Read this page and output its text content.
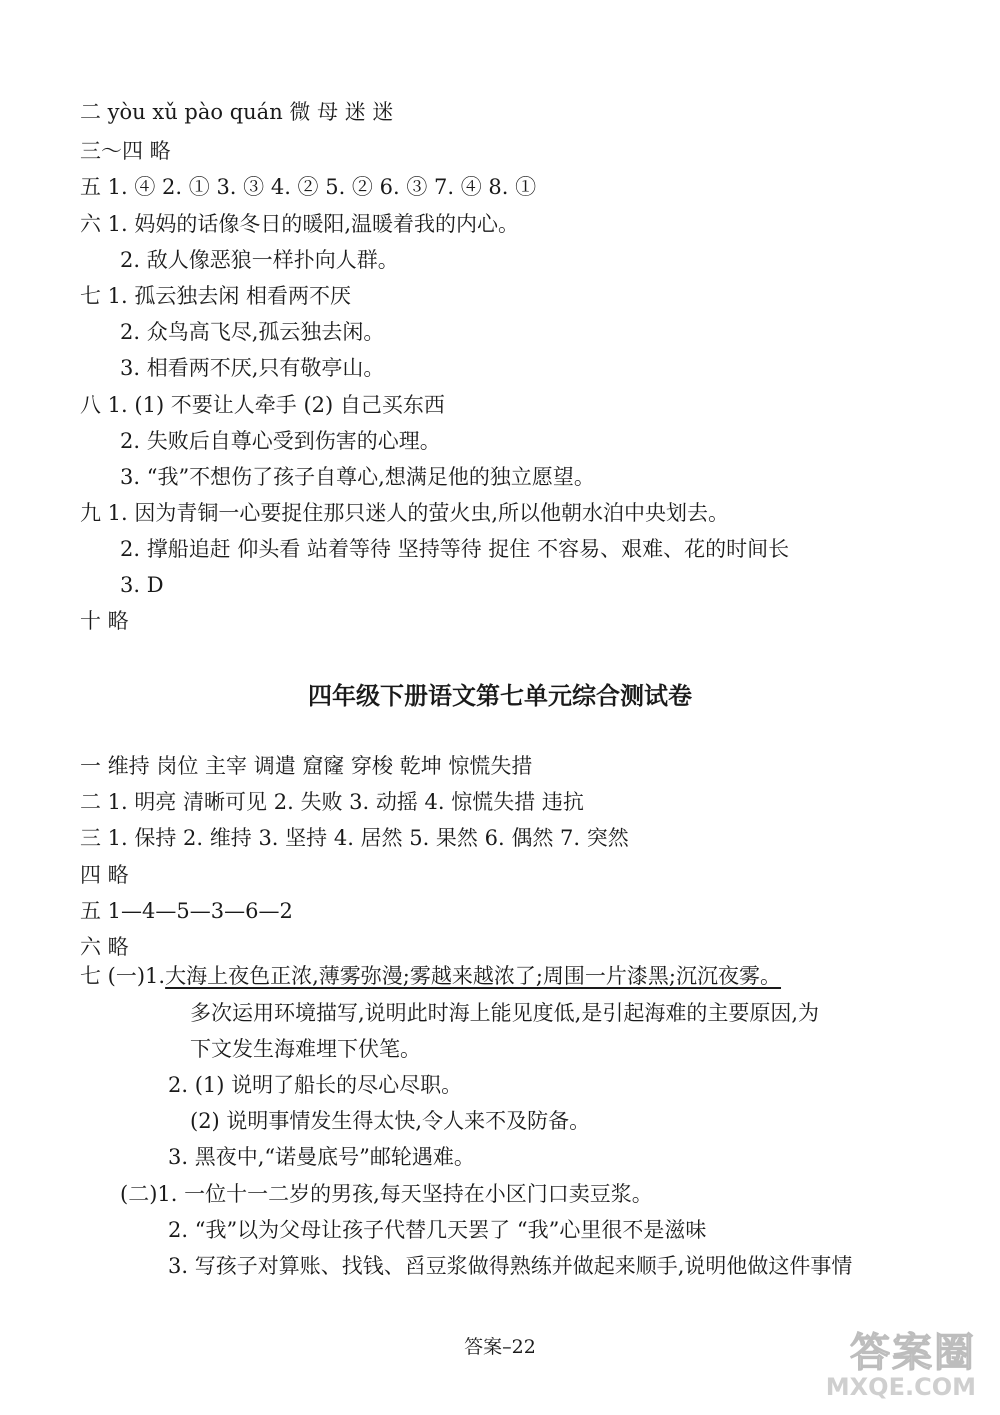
二 yòu xǔ pào quán 微 母 迷 迷
三～四 略
五 1. ④ 2. ① 3. ③ 4. ② 5. ② 6. ③ 7. ④ 8. ①
六 1. 妈妈的话像冬日的暖阳,温暖着我的内心。
2. 敌人像恶狼一样扑向人群。
七 1. 孤云独去闲 相看两不厌
2. 众鸟高飞尽,孤云独去闲。
3. 相看两不厌,只有敬亭山。
八 1. (1) 不要让人牵手 (2) 自己买东西
2. 失败后自尊心受到伤害的心理。
3. “我”不想伤了孩子自尊心,想满足他的独立愿望。
九 1. 因为青铜一心要捉住那只迷人的萤火虫,所以他朝水泊中央划去。
2. 撑船追赶 仰头看 站着等待 坚持等待 捉住 不容易、艰难、花的时间长
3. D
十 略
四年级下册语文第七单元综合测试卷
一 维持 岗位 主宰 调遣 窟窿 穿梭 乾坤 惊慌失措
二 1. 明亮 清晰可见 2. 失败 3. 动摇 4. 惊慌失措 违抗
三 1. 保持 2. 维持 3. 坚持 4. 居然 5. 果然 6. 偶然 7. 突然
四 略
五 1—4—5—3—6—2
六 略
七 (一)1.大海上夜色正浓,薄雾弥漫;雾越来越浓了;周围一片漆黑;沉沉夜雾。
多次运用环境描写,说明此时海上能见度低,是引起海难的主要原因,为
下文发生海难埋下伏笔。
2. (1) 说明了船长的尽心尽职。
(2) 说明事情发生得太快,令人来不及防备。
3. 黑夜中,“诺曼底号”邮轮遇难。
(二)1. 一位十一二岁的男孩,每天坚持在小区门口卖豆浆。
2. “我”以为父母让孩子代替几天罢了 “我”心里很不是滋味
3. 写孩子对算账、找钱、舀豆浆做得熟练并做起来顺手,说明他做这件事情
答案–22	答案圈
MXQE.COM
